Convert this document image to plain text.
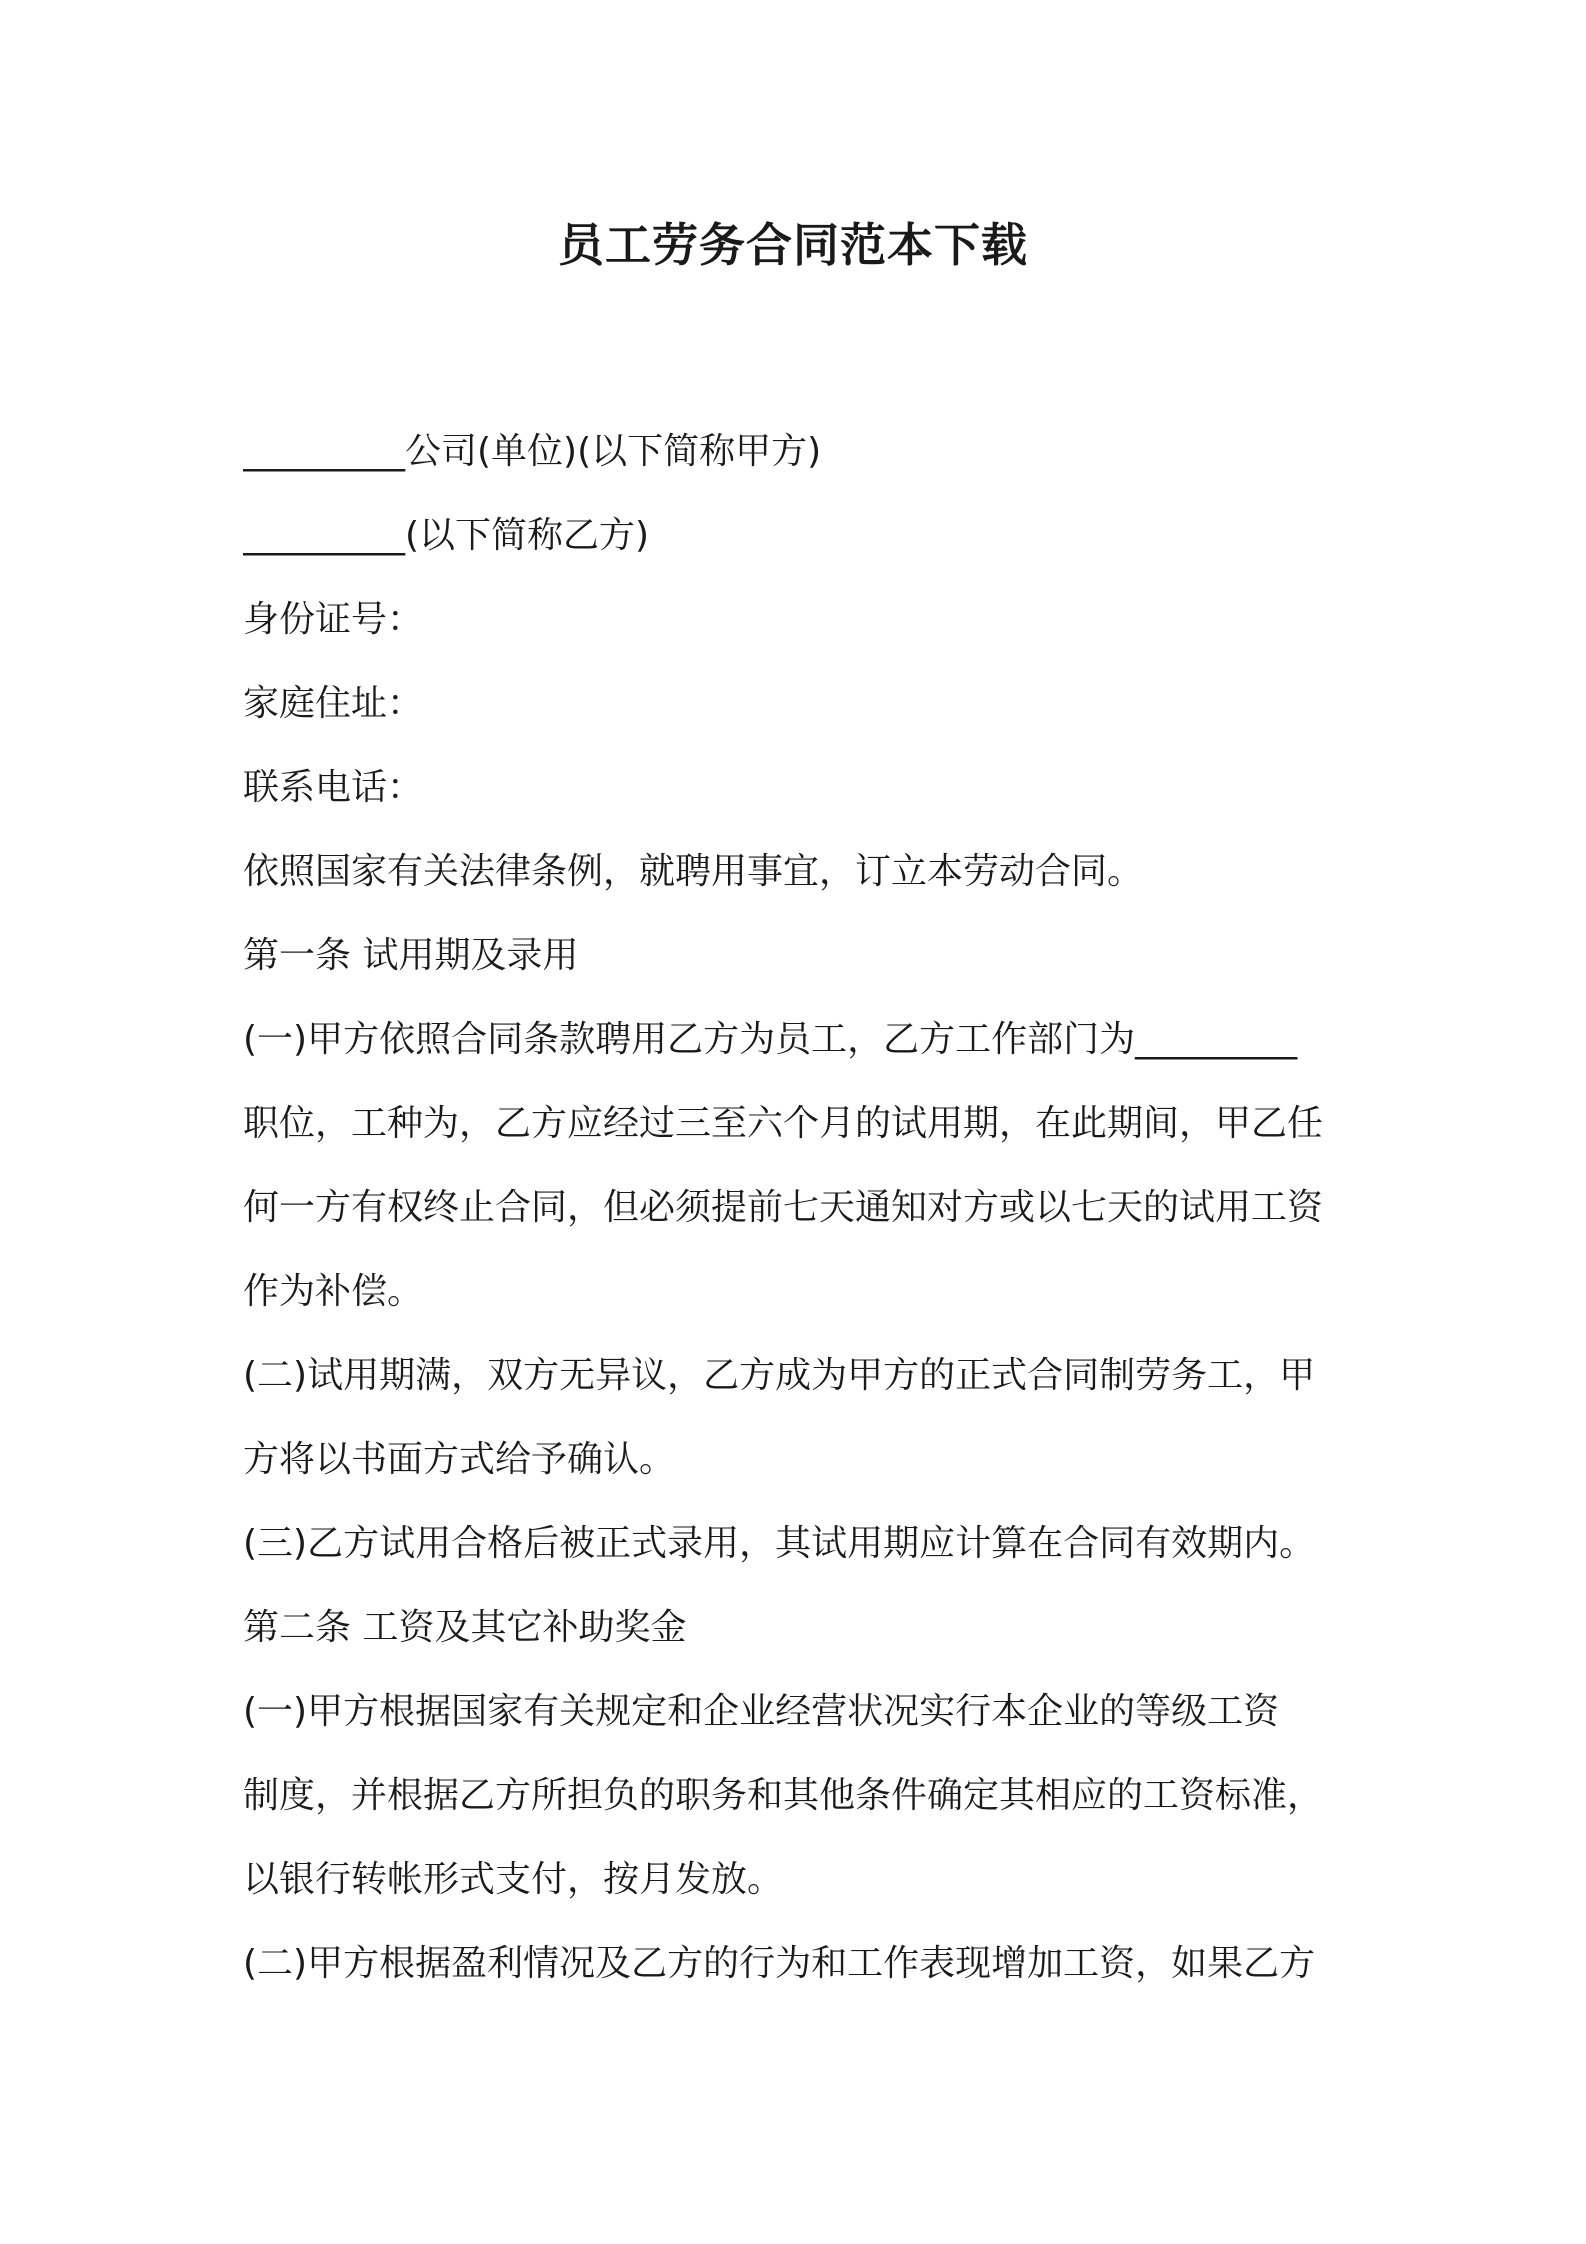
员工劳务合同范本下载
_________公司(单位)(以下简称甲方)
_________(以下简称乙方)
身份证号：
家庭住址：
联系电话：
依照国家有关法律条例，就聘用事宜，订立本劳动合同。
第一条 试用期及录用
(一)甲方依照合同条款聘用乙方为员工，乙方工作部门为_________
职位，工种为，乙方应经过三至六个月的试用期，在此期间，甲乙任
何一方有权终止合同，但必须提前七天通知对方或以七天的试用工资
作为补偿。
(二)试用期满，双方无异议，乙方成为甲方的正式合同制劳务工，甲
方将以书面方式给予确认。
(三)乙方试用合格后被正式录用，其试用期应计算在合同有效期内。
第二条 工资及其它补助奖金
(一)甲方根据国家有关规定和企业经营状况实行本企业的等级工资
制度，并根据乙方所担负的职务和其他条件确定其相应的工资标准，
以银行转帐形式支付，按月发放。
(二)甲方根据盈利情况及乙方的行为和工作表现增加工资，如果乙方
